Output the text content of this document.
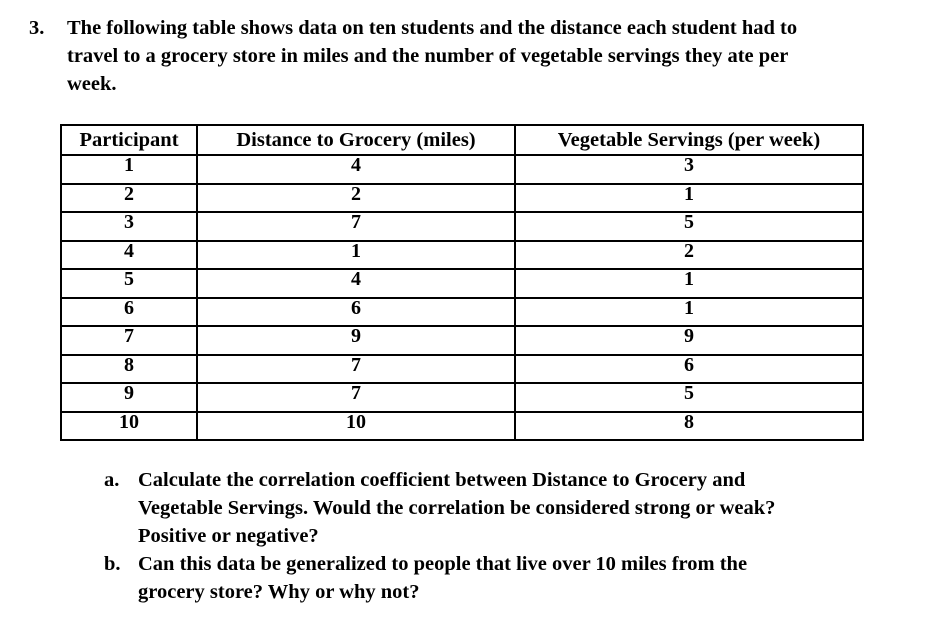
3. The following table shows data on ten students and the distance each student had to
travel to a grocery store in miles and the number of vegetable servings they ate per
week.
Participant	Distance to Grocery (miles)	Vegetable Servings (per week)
1	4	3
2	2	1
3	7	5
4	1	2
5	4	1
6	6	1
7	9	9
8	7	6
9	7	5
10	10	8
a. Calculate the correlation coefficient between Distance to Grocery and
Vegetable Servings. Would the correlation be considered strong or weak?
Positive or negative?
b. Can this data be generalized to people that live over 10 miles from the
grocery store? Why or why not?
